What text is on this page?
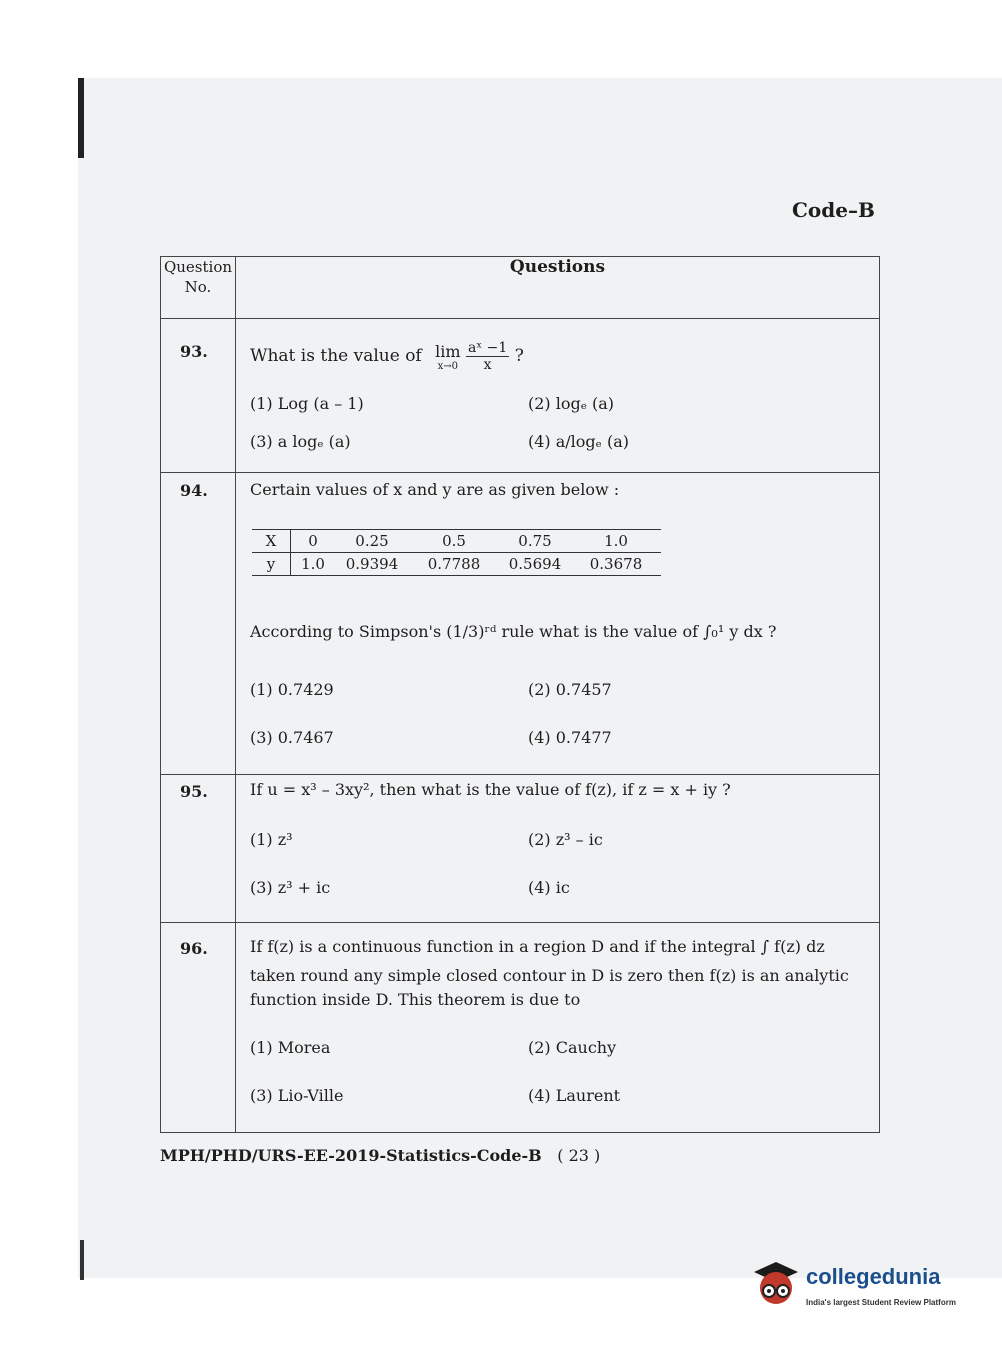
Code–B
Question No.	Questions

93. What is the value of lim
x→0
$\frac{\text{aˣ −1}}{x}$ ?
(1) Log (a – 1)	(2) logₑ (a)
(3) a logₑ (a)	(4) a/logₑ (a)
94.	Certain values of x and y are as given below :
X	0	0.25	0.5	0.75	1.0
y	1.0	0.9394	0.7788	0.5694	0.3678
According to Simpson's (1/3)ʳᵈ rule what is the value of ∫₀¹ y dx ?
(1) 0.7429	(2) 0.7457
(3) 0.7467	(4) 0.7477
95.	If u = x³ – 3xy², then what is the value of f(z), if z = x + iy ?
(1) z³	(2) z³ – ic
(3) z³ + ic	(4) ic
96.	If f(z) is a continuous function in a region D and if the integral ∫ f(z) dz
taken round any simple closed contour in D is zero then f(z) is an analytic
function inside D. This theorem is due to
(1) Morea	(2) Cauchy
(3) Lio-Ville	(4) Laurent
MPH/PHD/URS-EE-2019-Statistics-Code-B ( 23 )
collegedunia
India's largest Student Review Platform
